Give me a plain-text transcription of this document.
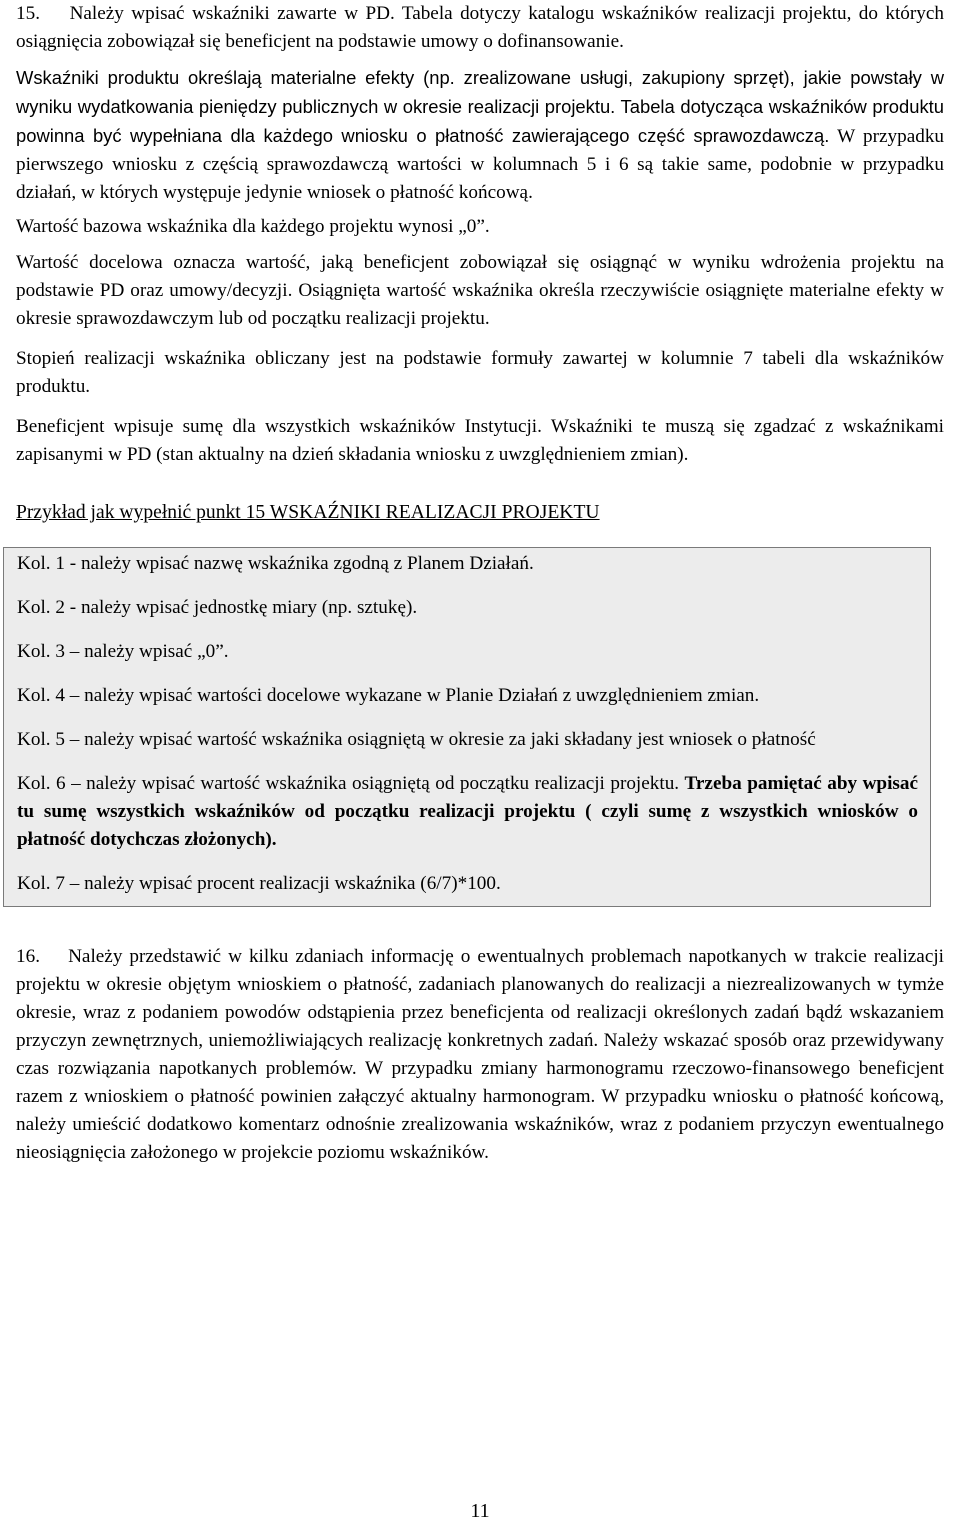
15. Należy wpisać wskaźniki zawarte w PD. Tabela dotyczy katalogu wskaźników realizacji projektu, do których osiągnięcia zobowiązał się beneficjent na podstawie umowy o dofinansowanie.

Wskaźniki produktu określają materialne efekty (np. zrealizowane usługi, zakupiony sprzęt), jakie powstały w wyniku wydatkowania pieniędzy publicznych w okresie realizacji projektu. Tabela dotycząca wskaźników produktu powinna być wypełniana dla każdego wniosku o płatność zawierającego część sprawozdawczą. W przypadku pierwszego wniosku z częścią sprawozdawczą wartości w kolumnach 5 i 6 są takie same, podobnie w przypadku działań, w których występuje jedynie wniosek o płatność końcową.

Wartość bazowa wskaźnika dla każdego projektu wynosi „0”.

Wartość docelowa oznacza wartość, jaką beneficjent zobowiązał się osiągnąć w wyniku wdrożenia projektu na podstawie PD oraz umowy/decyzji. Osiągnięta wartość wskaźnika określa rzeczywiście osiągnięte materialne efekty w okresie sprawozdawczym lub od początku realizacji projektu.

Stopień realizacji wskaźnika obliczany jest na podstawie formuły zawartej w kolumnie 7 tabeli dla wskaźników produktu.

Beneficjent wpisuje sumę dla wszystkich wskaźników Instytucji. Wskaźniki te muszą się zgadzać z wskaźnikami zapisanymi w PD (stan aktualny na dzień składania wniosku z uwzględnieniem zmian).

Przykład jak wypełnić punkt 15 WSKAŹNIKI REALIZACJI PROJEKTU

Kol. 1 - należy wpisać nazwę wskaźnika zgodną z Planem Działań.

Kol. 2 - należy wpisać jednostkę miary (np. sztukę).

Kol. 3 – należy wpisać „0”.

Kol. 4 – należy wpisać wartości docelowe wykazane w Planie Działań z uwzględnieniem zmian.

Kol. 5 – należy wpisać wartość wskaźnika osiągniętą w okresie za jaki składany jest wniosek o płatność

Kol. 6 – należy wpisać wartość wskaźnika osiągniętą od początku realizacji projektu. Trzeba pamiętać aby wpisać tu sumę wszystkich wskaźników od początku realizacji projektu ( czyli sumę z wszystkich wniosków o płatność dotychczas złożonych).

Kol. 7 – należy wpisać procent realizacji wskaźnika (6/7)*100.

16. Należy przedstawić w kilku zdaniach informację o ewentualnych problemach napotkanych w trakcie realizacji projektu w okresie objętym wnioskiem o płatność, zadaniach planowanych do realizacji a niezrealizowanych w tymże okresie, wraz z podaniem powodów odstąpienia przez beneficjenta od realizacji określonych zadań bądź wskazaniem przyczyn zewnętrznych, uniemożliwiających realizację konkretnych zadań. Należy wskazać sposób oraz przewidywany czas rozwiązania napotkanych problemów. W przypadku zmiany harmonogramu rzeczowo-finansowego beneficjent razem z wnioskiem o płatność powinien załączyć aktualny harmonogram. W przypadku wniosku o płatność końcową, należy umieścić dodatkowo komentarz odnośnie zrealizowania wskaźników, wraz z podaniem przyczyn ewentualnego nieosiągnięcia założonego w projekcie poziomu wskaźników.

11
